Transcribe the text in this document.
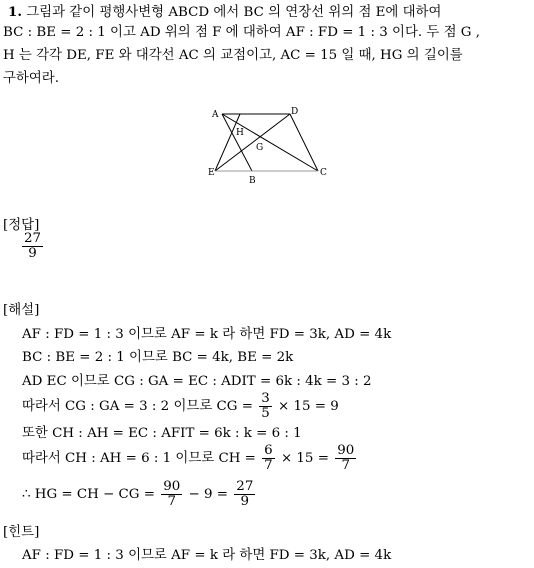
1. 그림과 같이 평행사변형 ABCD 에서 BC 의 연장선 위의 점 E에 대하여
BC : BE = 2 : 1 이고 AD 위의 점 F 에 대하여 AF : FD = 1 : 3 이다. 두 점 G ,
H 는 각각 DE, FE 와 대각선 AC 의 교점이고, AC = 15 일 때, HG 의 길이를
구하여라.
A	D
H
G
E
B
C
[정답]
$\frac{27}{9}$
[해설]
AF : FD = 1 : 3 이므로 AF = k 라 하면 FD = 3k, AD = 4k
BC : BE = 2 : 1 이므로 BC = 4k, BE = 2k
AD EC 이므로 CG : GA = EC : ADIT = 6k : 4k = 3 : 2
따라서 CG : GA = 3 : 2 이므로 CG = $\frac{3}{5} \times 15 = 9$
또한 CH : AH = EC : AFIT = 6k : k = 6 : 1
따라서 CH : AH = 6 : 1 이므로 CH = $\frac{6}{7} \times 15 = \frac{90}{7}$
∴ HG = CH − CG = $\frac{90}{7} - 9 = \frac{27}{9}$
[힌트]
AF : FD = 1 : 3 이므로 AF = k 라 하면 FD = 3k, AD = 4k
